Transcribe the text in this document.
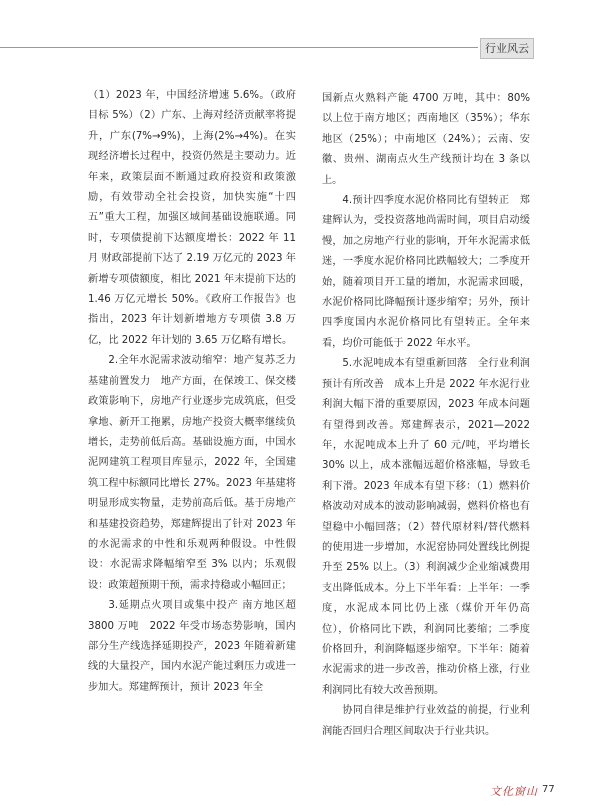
行业风云

（1）2023 年，中国经济增速 5.6%。（政府目标 5%）（2）广东、上海对经济贡献率将提升，广东(7%→9%)，上海(2%→4%)。在实现经济增长过程中，投资仍然是主要动力。近年来，政策层面不断通过政府投资和政策激励，有效带动全社会投资，加快实施“十四五”重大工程，加强区域间基础设施联通。同时，专项债提前下达额度增长：2022 年 11 月 财政部提前下达了 2.19 万亿元的 2023 年新增专项债额度，相比 2021 年末提前下达的 1.46 万亿元增长 50%。《政府工作报告》也指出，2023 年计划新增地方专项债 3.8 万亿，比 2022 年计划的 3.65 万亿略有增长。

2.全年水泥需求波动缩窄：地产复苏乏力 基建前置发力　地产方面，在保竣工、保交楼政策影响下，房地产行业逐步完成筑底，但受拿地、新开工拖累，房地产投资大概率继续负增长，走势前低后高。基础设施方面，中国水泥网建筑工程项目库显示，2022 年，全国建筑工程中标额同比增长 27%。2023 年基建将明显形成实物量，走势前高后低。基于房地产和基建投资趋势，郑建辉提出了针对 2023 年的水泥需求的中性和乐观两种假设。中性假设：水泥需求降幅缩窄至 3% 以内；乐观假设：政策超预期干预，需求持稳或小幅回正；

3.延期点火项目或集中投产 南方地区超 3800 万吨　2022 年受市场态势影响，国内部分生产线选择延期投产，2023 年随着新建线的大量投产，国内水泥产能过剩压力或进一步加大。郑建辉预计，预计 2023 年全

国新点火熟料产能 4700 万吨，其中：80% 以上位于南方地区；西南地区（35%）；华东地区（25%）；中南地区（24%）；云南、安徽、贵州、湖南点火生产线预计均在 3 条以上。

4.预计四季度水泥价格同比有望转正　郑建辉认为，受投资落地尚需时间，项目启动缓慢，加之房地产行业的影响，开年水泥需求低迷，一季度水泥价格同比跌幅较大；二季度开始，随着项目开工量的增加，水泥需求回暖，水泥价格同比降幅预计逐步缩窄；另外，预计四季度国内水泥价格同比有望转正。全年来看，均价可能低于 2022 年水平。

5.水泥吨成本有望重新回落　全行业利润预计有所改善　成本上升是 2022 年水泥行业利润大幅下滑的重要原因，2023 年成本问题有望得到改善。郑建辉表示，2021—2022 年，水泥吨成本上升了 60 元/吨，平均增长 30% 以上，成本涨幅远超价格涨幅，导致毛利下滑。2023 年成本有望下移：（1）燃料价格波动对成本的波动影响减弱，燃料价格也有望稳中小幅回落；（2）替代原材料/替代燃料的使用进一步增加，水泥窑协同处置线比例提升至 25% 以上。（3）利润减少企业缩减费用支出降低成本。分上下半年看：上半年：一季度，水泥成本同比仍上涨（煤价开年仍高位），价格同比下跌，利润同比萎缩；二季度价格回升，利润降幅逐步缩窄。下半年：随着水泥需求的进一步改善，推动价格上涨，行业利润同比有较大改善预期。

协同自律是维护行业效益的前提，行业利润能否回归合理区间取决于行业共识。

文化窗山 77
